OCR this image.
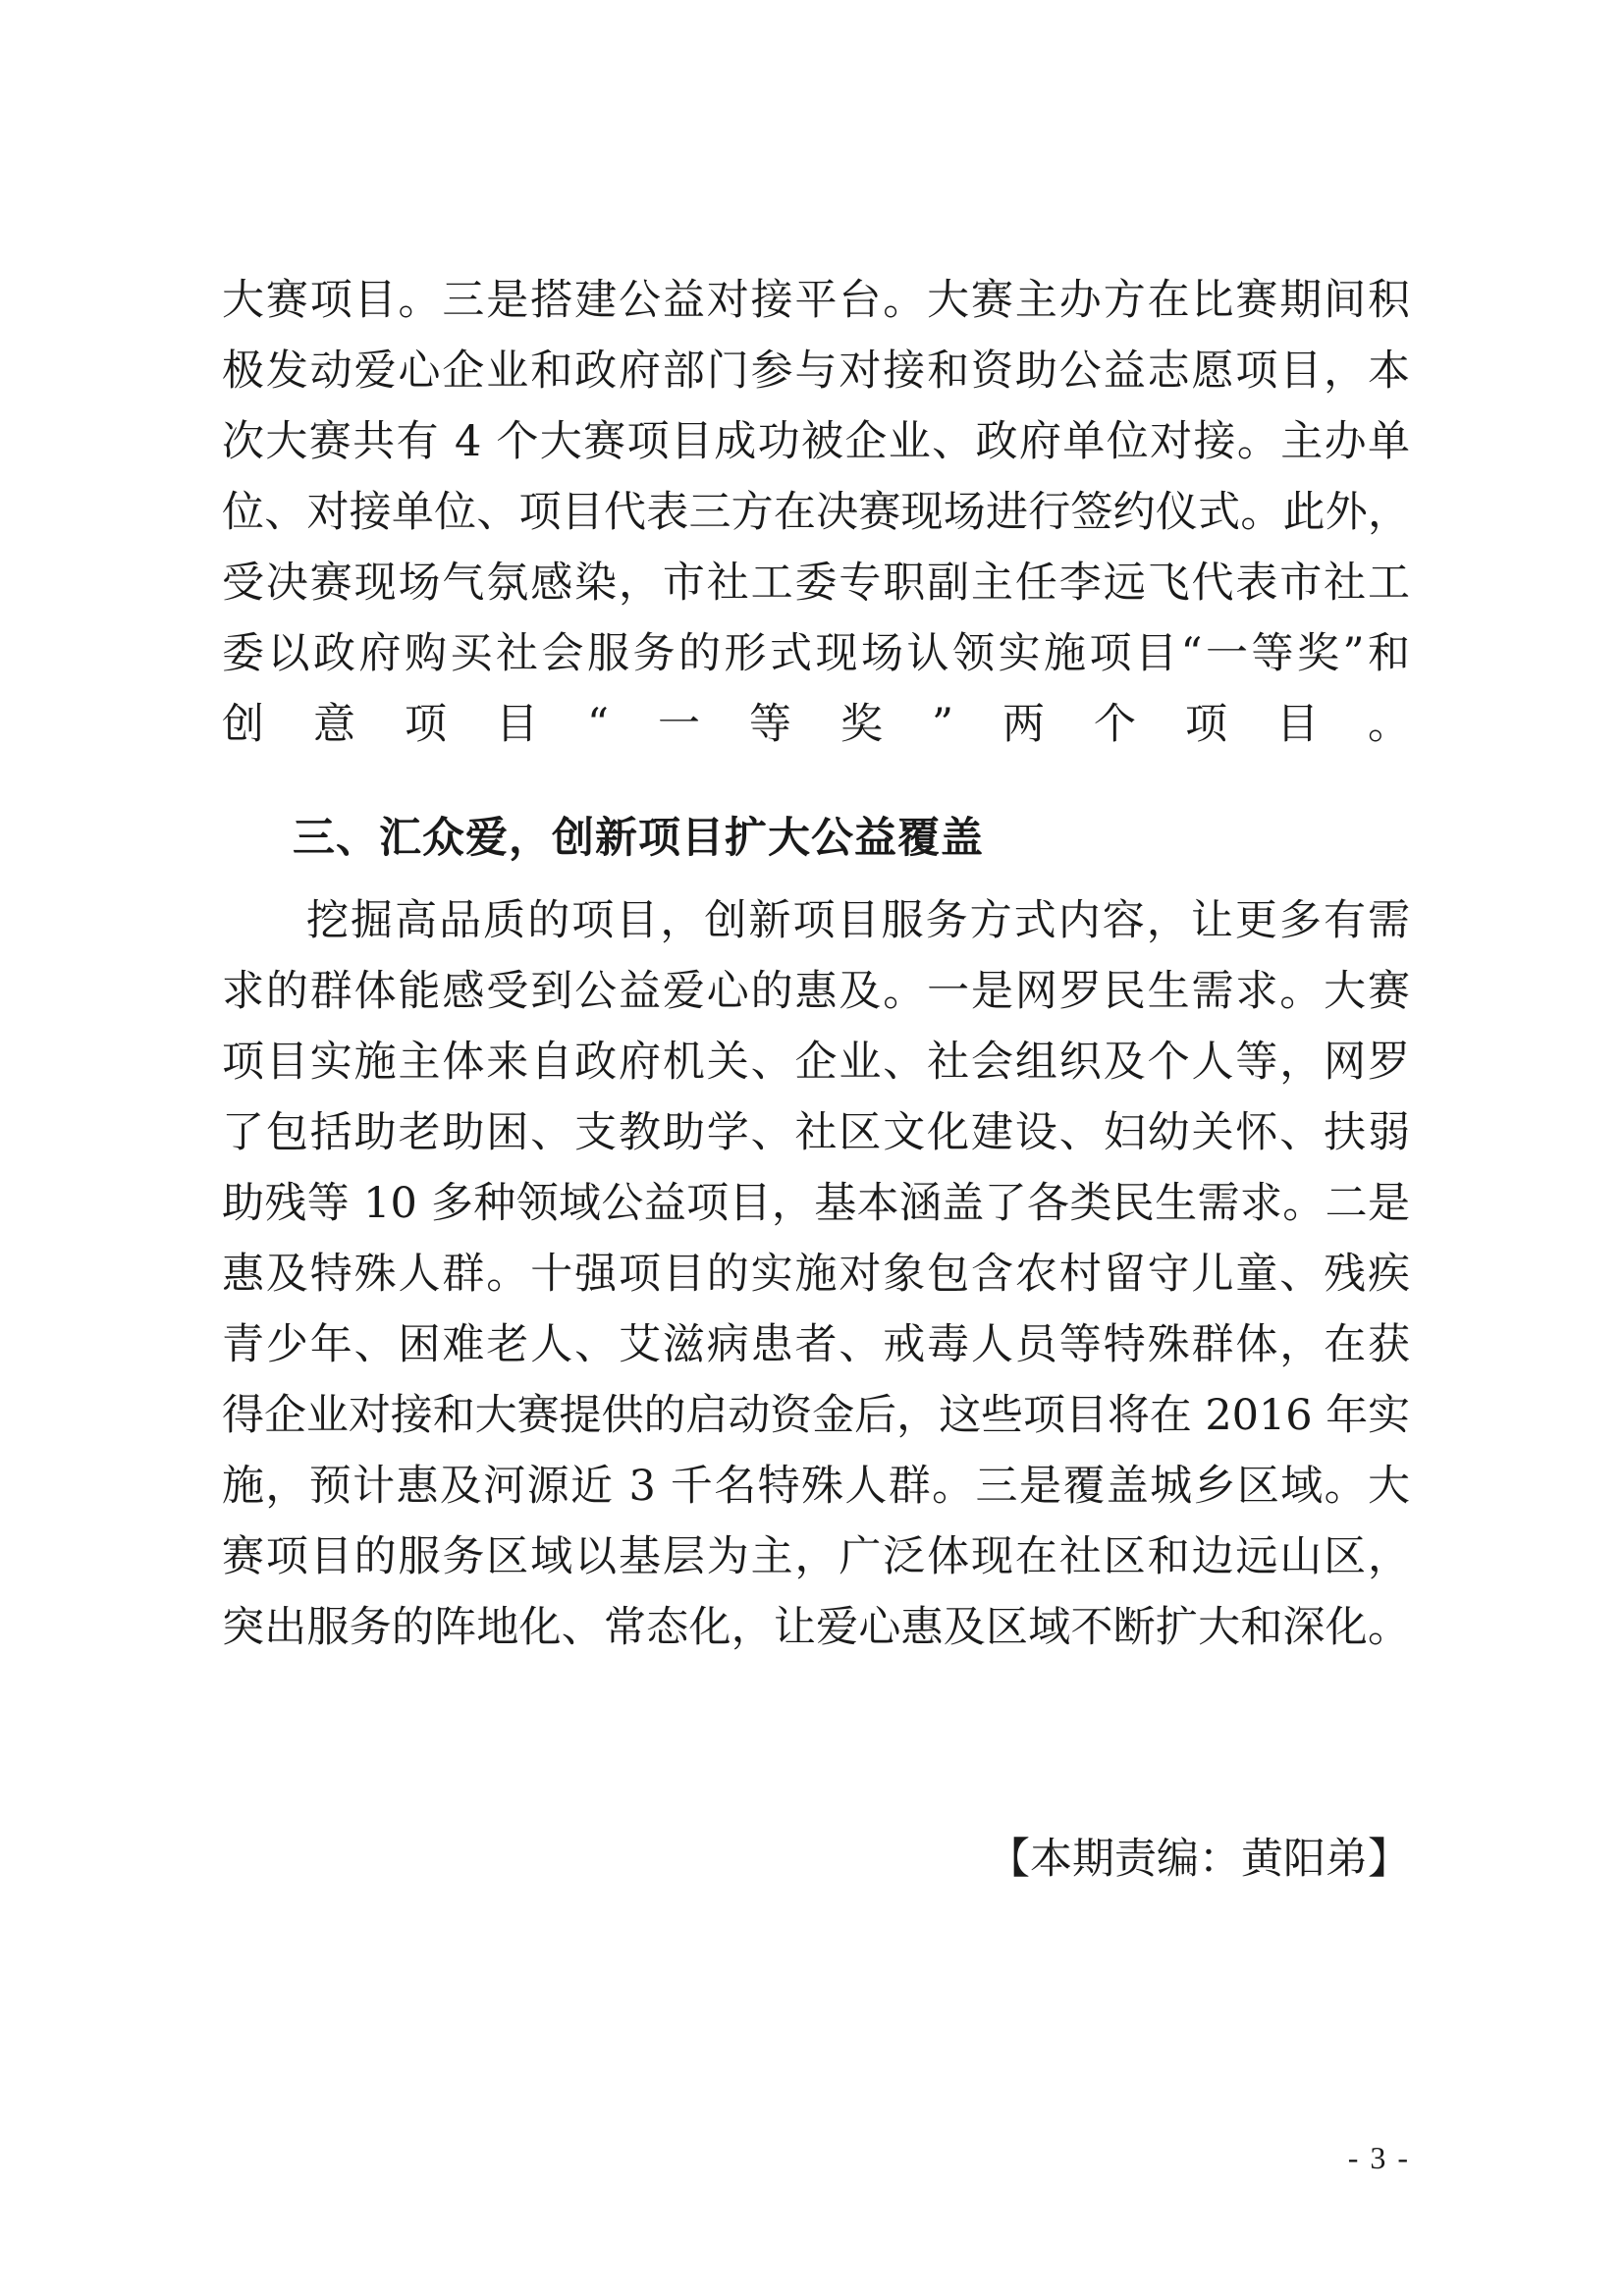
大赛项目。三是搭建公益对接平台。大赛主办方在比赛期间积
极发动爱心企业和政府部门参与对接和资助公益志愿项目，本
次大赛共有 4 个大赛项目成功被企业、政府单位对接。主办单
位、对接单位、项目代表三方在决赛现场进行签约仪式。此外，
受决赛现场气氛感染，市社工委专职副主任李远飞代表市社工
委以政府购买社会服务的形式现场认领实施项目“一等奖”和
创意项目“一等奖”两个项目。
三、汇众爱，创新项目扩大公益覆盖
挖掘高品质的项目，创新项目服务方式内容，让更多有需
求的群体能感受到公益爱心的惠及。一是网罗民生需求。大赛
项目实施主体来自政府机关、企业、社会组织及个人等，网罗
了包括助老助困、支教助学、社区文化建设、妇幼关怀、扶弱
助残等 10 多种领域公益项目，基本涵盖了各类民生需求。二是
惠及特殊人群。十强项目的实施对象包含农村留守儿童、残疾
青少年、困难老人、艾滋病患者、戒毒人员等特殊群体，在获
得企业对接和大赛提供的启动资金后，这些项目将在 2016 年实
施，预计惠及河源近 3 千名特殊人群。三是覆盖城乡区域。大
赛项目的服务区域以基层为主，广泛体现在社区和边远山区，
突出服务的阵地化、常态化，让爱心惠及区域不断扩大和深化。
【本期责编：黄阳弟】
- 3 -
